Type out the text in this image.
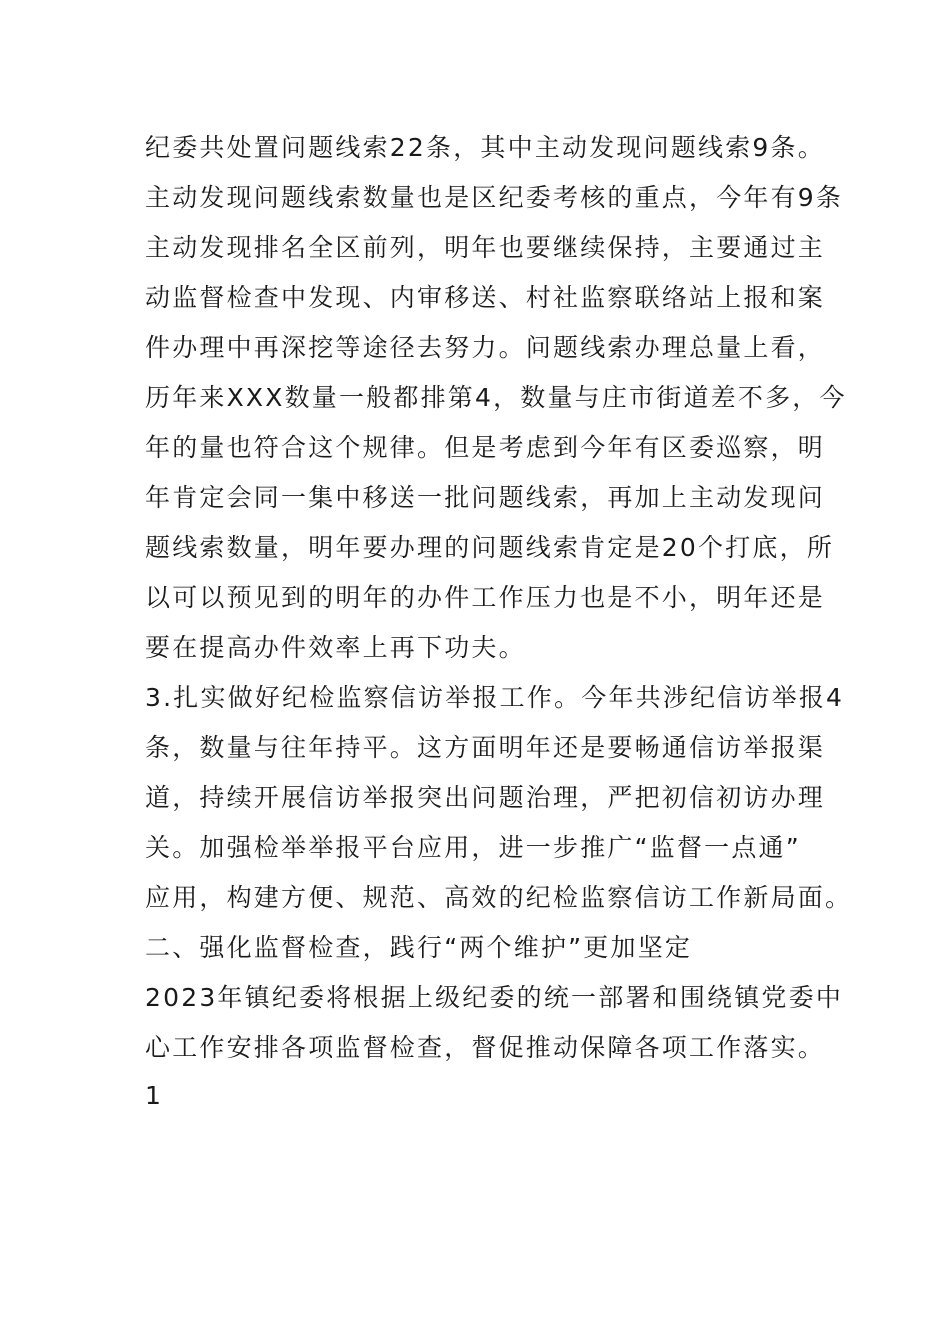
纪委共处置问题线索22条，其中主动发现问题线索9条。
主动发现问题线索数量也是区纪委考核的重点，今年有9条
主动发现排名全区前列，明年也要继续保持，主要通过主
动监督检查中发现、内审移送、村社监察联络站上报和案
件办理中再深挖等途径去努力。问题线索办理总量上看，
历年来XXX数量一般都排第4，数量与庄市街道差不多，今
年的量也符合这个规律。但是考虑到今年有区委巡察，明
年肯定会同一集中移送一批问题线索，再加上主动发现问
题线索数量，明年要办理的问题线索肯定是20个打底，所
以可以预见到的明年的办件工作压力也是不小，明年还是
要在提高办件效率上再下功夫。
3.扎实做好纪检监察信访举报工作。今年共涉纪信访举报4
条，数量与往年持平。这方面明年还是要畅通信访举报渠
道，持续开展信访举报突出问题治理，严把初信初访办理
关。加强检举举报平台应用，进一步推广“监督一点通”
应用，构建方便、规范、高效的纪检监察信访工作新局面。
二、强化监督检查，践行“两个维护”更加坚定
2023年镇纪委将根据上级纪委的统一部署和围绕镇党委中
心工作安排各项监督检查，督促推动保障各项工作落实。
1
